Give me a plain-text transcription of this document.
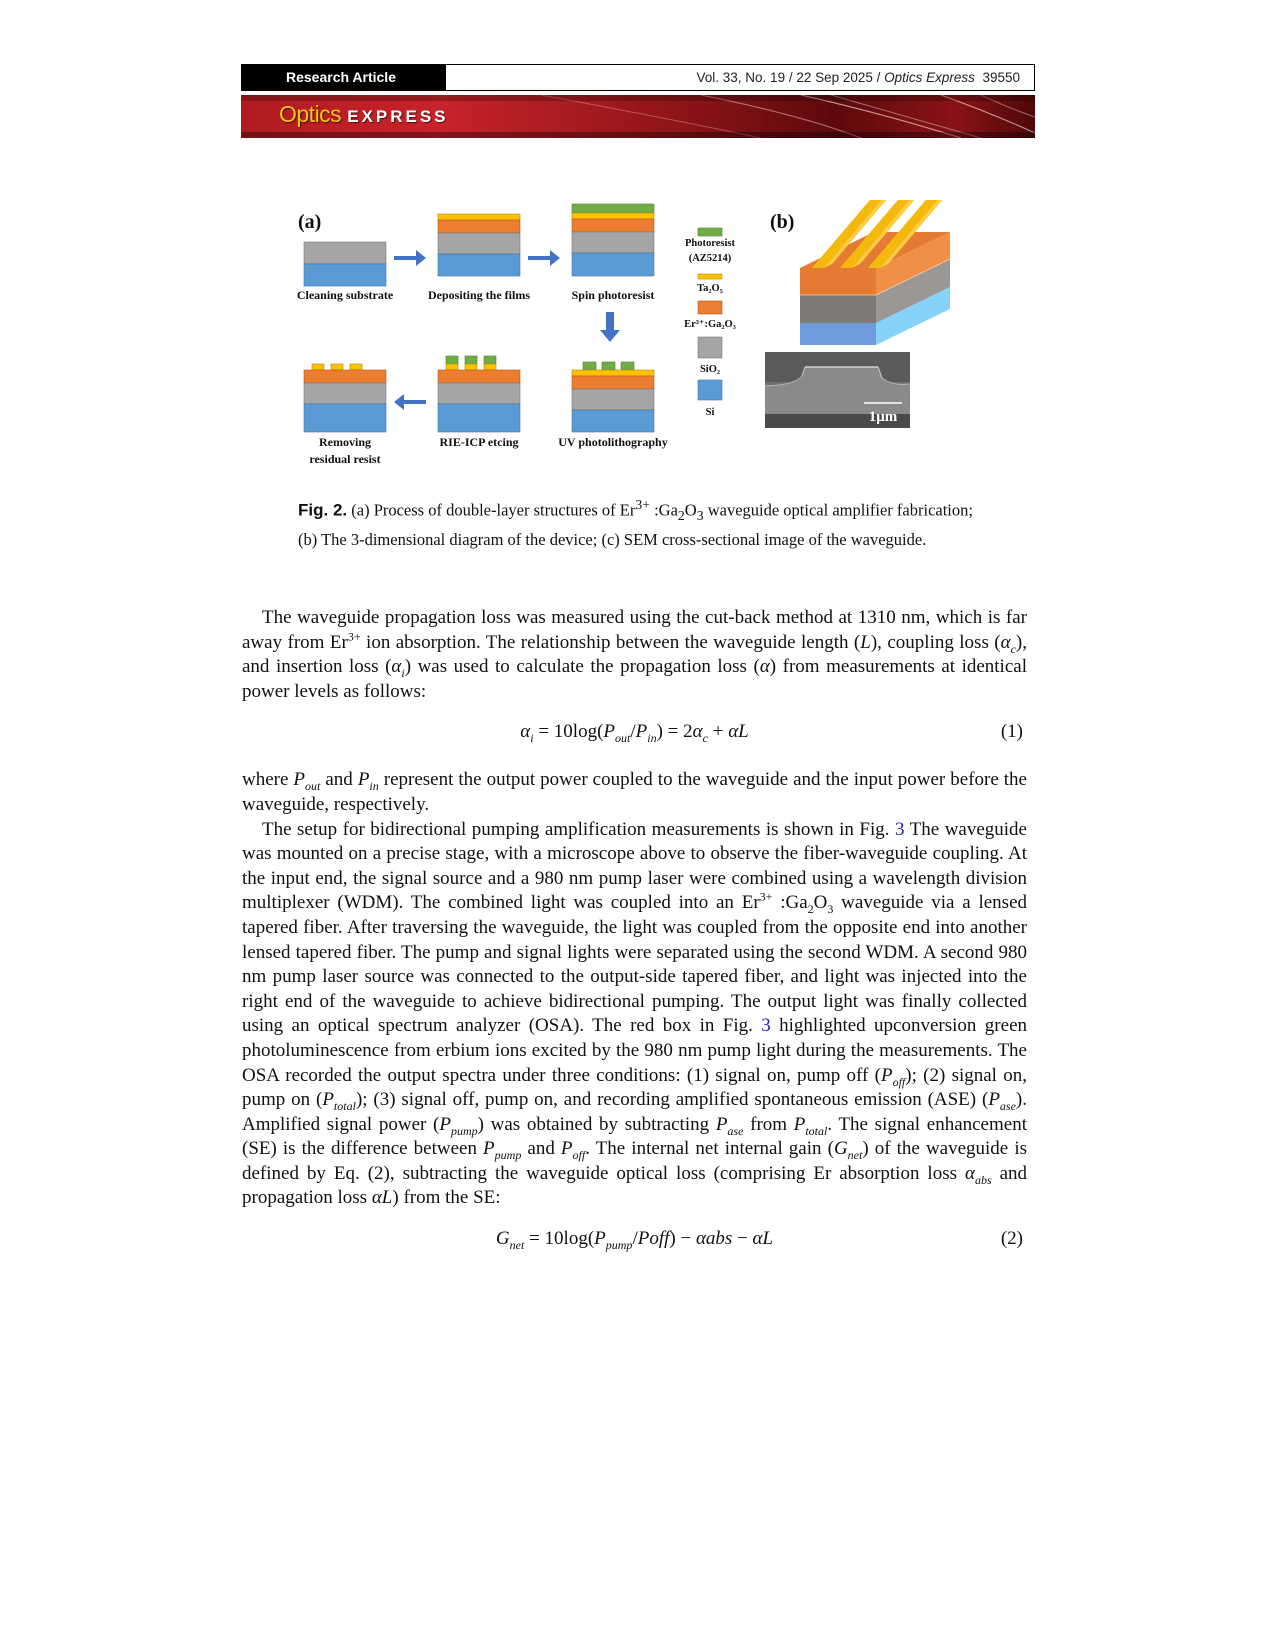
Research Article	Vol. 33, No. 19 / 22 Sep 2025 / Optics Express 39550
Optics EXPRESS
(a)	(b)
Cleaning substrate	Depositing the films	Spin photoresist
UV photolithography
RIE-ICP etcing
Removing
residual resist
Photoresist
(AZ5214)
Ta₂O₅
Er³⁺:Ga₂O₃
SiO₂
Si	1μm
Fig. 2. (a) Process of double-layer structures of $Er^{3+}$ $:Ga_2O_3$ waveguide optical amplifier fabrication; (b) The 3-dimensional diagram of the device; (c) SEM cross-sectional image of the waveguide.

The waveguide propagation loss was measured using the cut-back method at 1310 nm, which is far away from $Er^{3+}$ ion absorption. The relationship between the waveguide length (L), coupling loss $(\alpha_c)$, and insertion loss $(\alpha_i)$ was used to calculate the propagation loss (α) from measurements at identical power levels as follows:

$\alpha_i = 10\log(P_{out}/P_{in}) = 2\alpha_c + \alpha L$	(1)

where $P_{out}$ and $P_{in}$ represent the output power coupled to the waveguide and the input power before the waveguide, respectively.

The setup for bidirectional pumping amplification measurements is shown in Fig. 3 The waveguide was mounted on a precise stage, with a microscope above to observe the fiber-waveguide coupling. At the input end, the signal source and a 980 nm pump laser were combined using a wavelength division multiplexer (WDM). The combined light was coupled into an $Er^{3+}$ $:Ga_2O_3$ waveguide via a lensed tapered fiber. After traversing the waveguide, the light was coupled from the opposite end into another lensed tapered fiber. The pump and signal lights were separated using the second WDM. A second 980 nm pump laser source was connected to the output-side tapered fiber, and light was injected into the right end of the waveguide to achieve bidirectional pumping. The output light was finally collected using an optical spectrum analyzer (OSA). The red box in Fig. 3 highlighted upconversion green photoluminescence from erbium ions excited by the 980 nm pump light during the measurements. The OSA recorded the output spectra under three conditions: (1) signal on, pump off $(P_{off})$; (2) signal on, pump on $(P_{total})$; (3) signal off, pump on, and recording amplified spontaneous emission (ASE) $(P_{ase})$. Amplified signal power $(P_{pump})$ was obtained by subtracting $P_{ase}$ from $P_{total}$. The signal enhancement (SE) is the difference between $P_{pump}$ and $P_{off}$. The internal net internal gain $(G_{net})$ of the waveguide is defined by Eq. (2), subtracting the waveguide optical loss (comprising Er absorption loss $\alpha_{abs}$ and propagation loss αL) from the SE:

$G_{net}$ = $10\log(P_{pump}/Poff) - \alpha abs - \alpha L$	(2)
